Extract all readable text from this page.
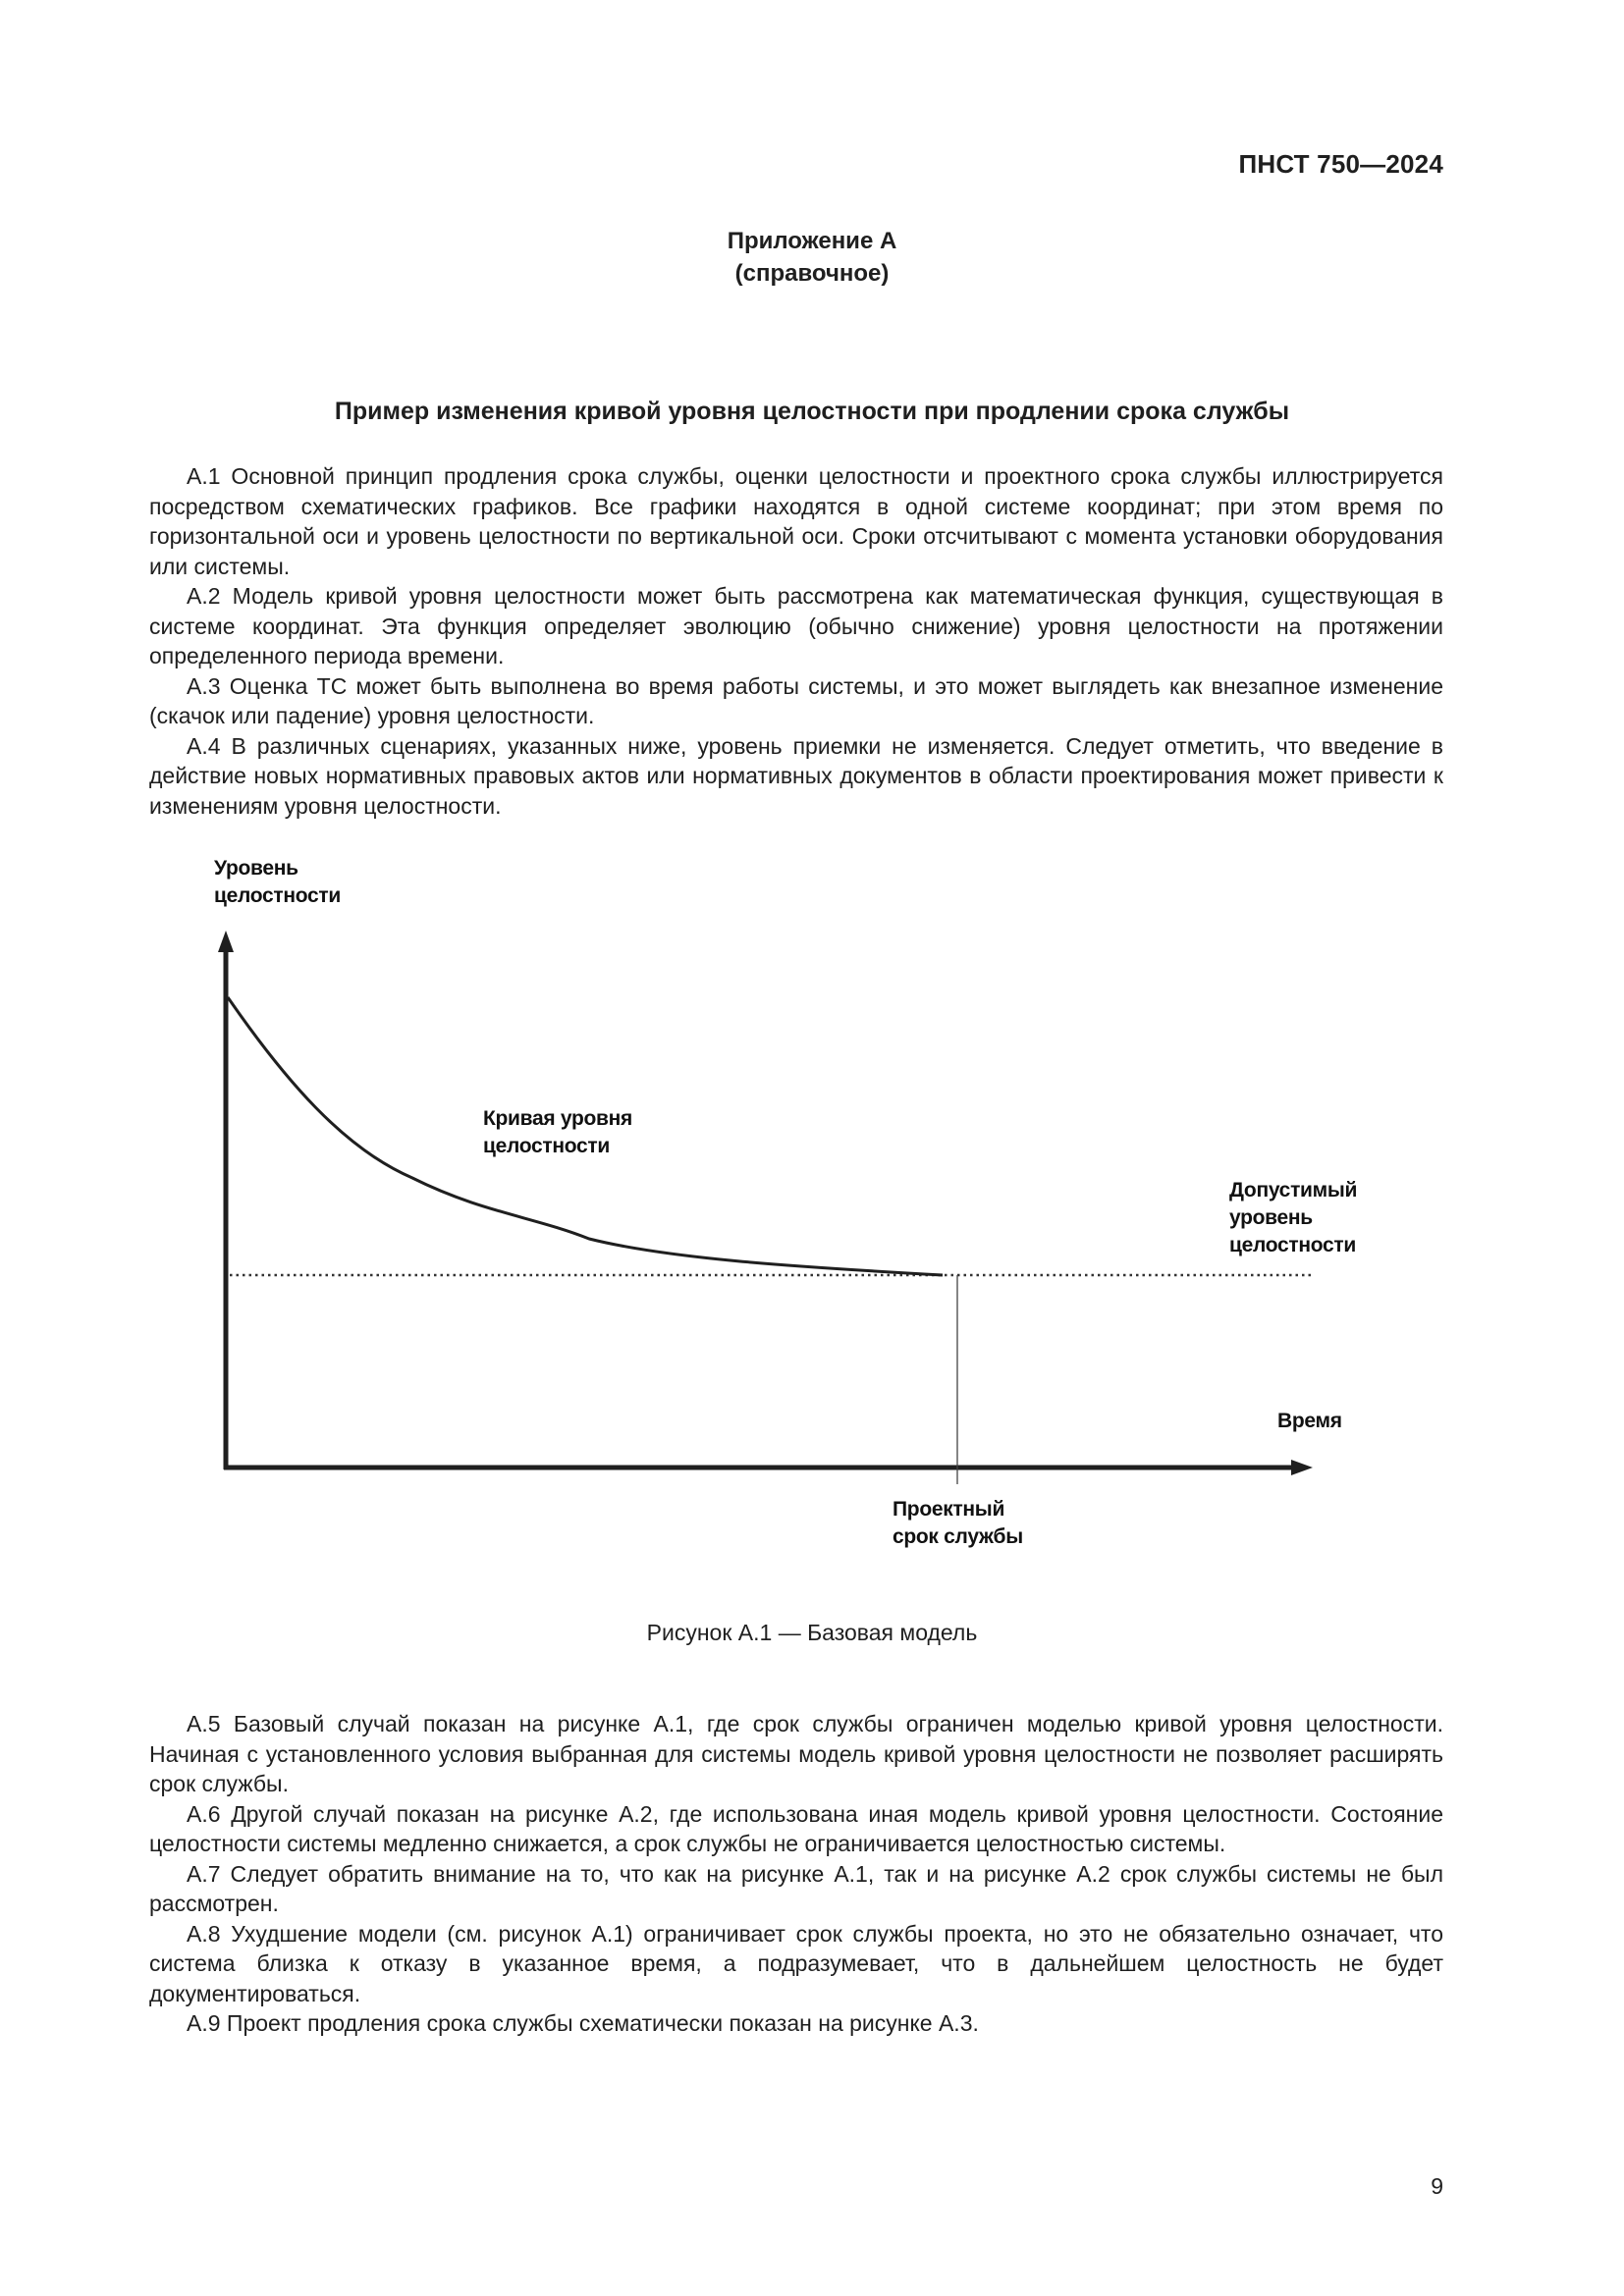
ПНСТ 750—2024
Приложение А
(справочное)
Пример изменения кривой уровня целостности при продлении срока службы

А.1 Основной принцип продления срока службы, оценки целостности и проектного срока службы иллюстрируется посредством схематических графиков. Все графики находятся в одной системе координат; при этом время по горизонтальной оси и уровень целостности по вертикальной оси. Сроки отсчитывают с момента установки оборудования или системы.

А.2 Модель кривой уровня целостности может быть рассмотрена как математическая функция, существующая в системе координат. Эта функция определяет эволюцию (обычно снижение) уровня целостности на протяжении определенного периода времени.

А.3 Оценка ТС может быть выполнена во время работы системы, и это может выглядеть как внезапное изменение (скачок или падение) уровня целостности.

А.4 В различных сценариях, указанных ниже, уровень приемки не изменяется. Следует отметить, что введение в действие новых нормативных правовых актов или нормативных документов в области проектирования может привести к изменениям уровня целостности.

Уровень
целостности
Кривая уровня
целостности
Допустимый
уровень
целостности
Время
Проектный
срок службы
Рисунок А.1 — Базовая модель

А.5 Базовый случай показан на рисунке А.1, где срок службы ограничен моделью кривой уровня целостности. Начиная с установленного условия выбранная для системы модель кривой уровня целостности не позволяет расширять срок службы.

А.6 Другой случай показан на рисунке А.2, где использована иная модель кривой уровня целостности. Состояние целостности системы медленно снижается, а срок службы не ограничивается целостностью системы.

А.7 Следует обратить внимание на то, что как на рисунке А.1, так и на рисунке А.2 срок службы системы не был рассмотрен.

А.8 Ухудшение модели (см. рисунок А.1) ограничивает срок службы проекта, но это не обязательно означает, что система близка к отказу в указанное время, а подразумевает, что в дальнейшем целостность не будет документироваться.

А.9 Проект продления срока службы схематически показан на рисунке А.3.

9
